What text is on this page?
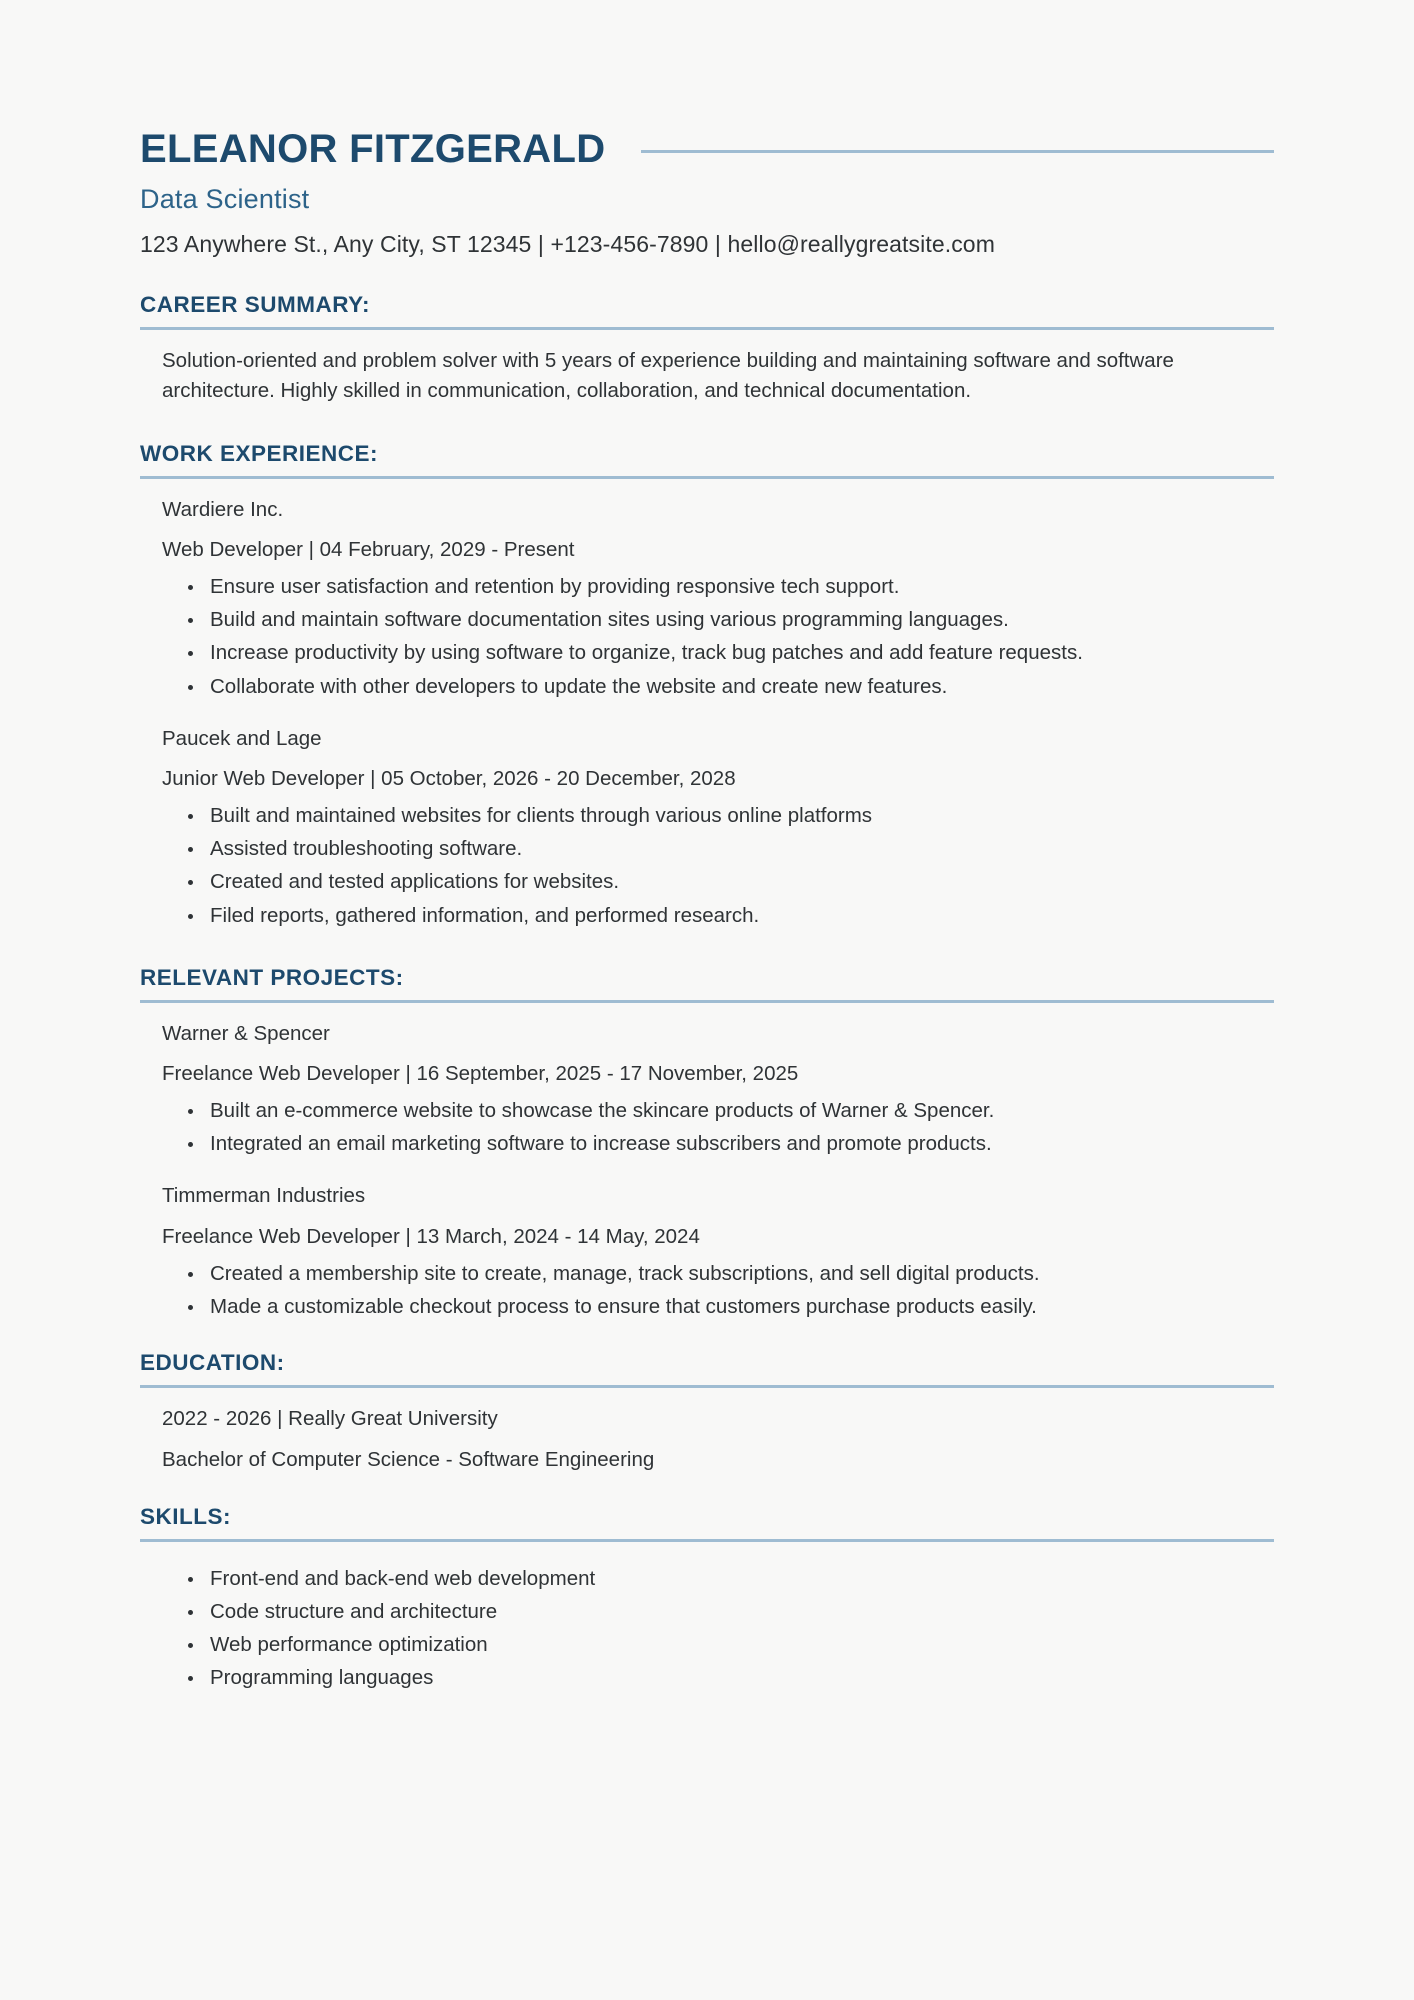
ELEANOR FITZGERALD
Data Scientist
123 Anywhere St., Any City, ST 12345 | +123-456-7890 | hello@reallygreatsite.com
CAREER SUMMARY:
Solution-oriented and problem solver with 5 years of experience building and maintaining software and software architecture. Highly skilled in communication, collaboration, and technical documentation.
WORK EXPERIENCE:
Wardiere Inc.
Web Developer | 04 February, 2029 - Present
Ensure user satisfaction and retention by providing responsive tech support.
Build and maintain software documentation sites using various programming languages.
Increase productivity by using software to organize, track bug patches and add feature requests.
Collaborate with other developers to update the website and create new features.
Paucek and Lage
Junior Web Developer | 05 October, 2026 - 20 December, 2028
Built and maintained websites for clients through various online platforms
Assisted troubleshooting software.
Created and tested applications for websites.
Filed reports, gathered information, and performed research.
RELEVANT PROJECTS:
Warner & Spencer
Freelance Web Developer | 16 September, 2025 - 17 November, 2025
Built an e-commerce website to showcase the skincare products of Warner & Spencer.
Integrated an email marketing software to increase subscribers and promote products.
Timmerman Industries
Freelance Web Developer | 13 March, 2024 - 14 May, 2024
Created a membership site to create, manage, track subscriptions, and sell digital products.
Made a customizable checkout process to ensure that customers purchase products easily.
EDUCATION:
2022 - 2026 | Really Great University
Bachelor of Computer Science - Software Engineering
SKILLS:
Front-end and back-end web development
Code structure and architecture
Web performance optimization
Programming languages
